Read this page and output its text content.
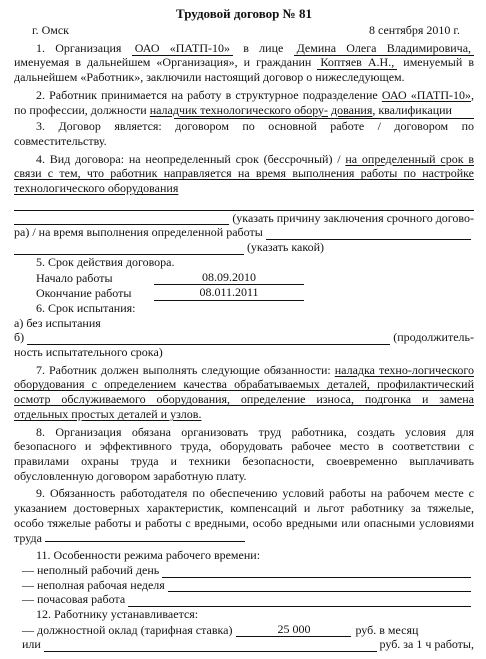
Трудовой договор № 81
г. Омск	8 сентября 2010 г.

1. Организация ОАО «ПАТП-10» в лице Демина Олега Владимировича, именуемая в дальнейшем «Организация», и гражданин Коптяев А.Н., именуемый в дальнейшем «Работник», заключили настоящий договор о нижеследующем.

2. Работник принимается на работу в структурное подразделение ОАО «ПАТП-10», по профессии, должности наладчик технологического обору- дования, квалификации

3. Договор является: договором по основной работе / договором по совместительству.

4. Вид договора: на неопределенный срок (бессрочный) / на определенный срок в связи с тем, что работник направляется на время выполнения работы по настройке технологического оборудования

(указать причину заключения срочного догово-
ра) / на время выполнения определенной работы
(указать какой)

5. Срок действия договора.

Начало работы	08.09.2010
Окончание работы	08.011.2011

6. Срок испытания:

а) без испытания

б)	(продолжитель-

ность испытательного срока)

7. Работник должен выполнять следующие обязанности: наладка техно-логического оборудования с определением качества обрабатываемых деталей, профилактический осмотр обслуживаемого оборудования, определение износа, подгонка и замена отдельных простых деталей и узлов.

8. Организация обязана организовать труд работника, создать условия для безопасного и эффективного труда, оборудовать рабочее место в соответствии с правилами охраны труда и техники безопасности, своевременно выплачивать обусловленную договором заработную плату.

9. Обязанность работодателя по обеспечению условий работы на рабочем месте с указанием достоверных характеристик, компенсаций и льгот работнику за тяжелые, особо тяжелые работы и работы с вредными, особо вредными или опасными условиями труда

11. Особенности режима рабочего времени:

— неполный рабочий день
— неполная рабочая неделя
— почасовая работа

12. Работнику устанавливается:

— должностной оклад (тарифная ставка)	25 000	руб. в месяц
или	руб. за 1 ч работы,
